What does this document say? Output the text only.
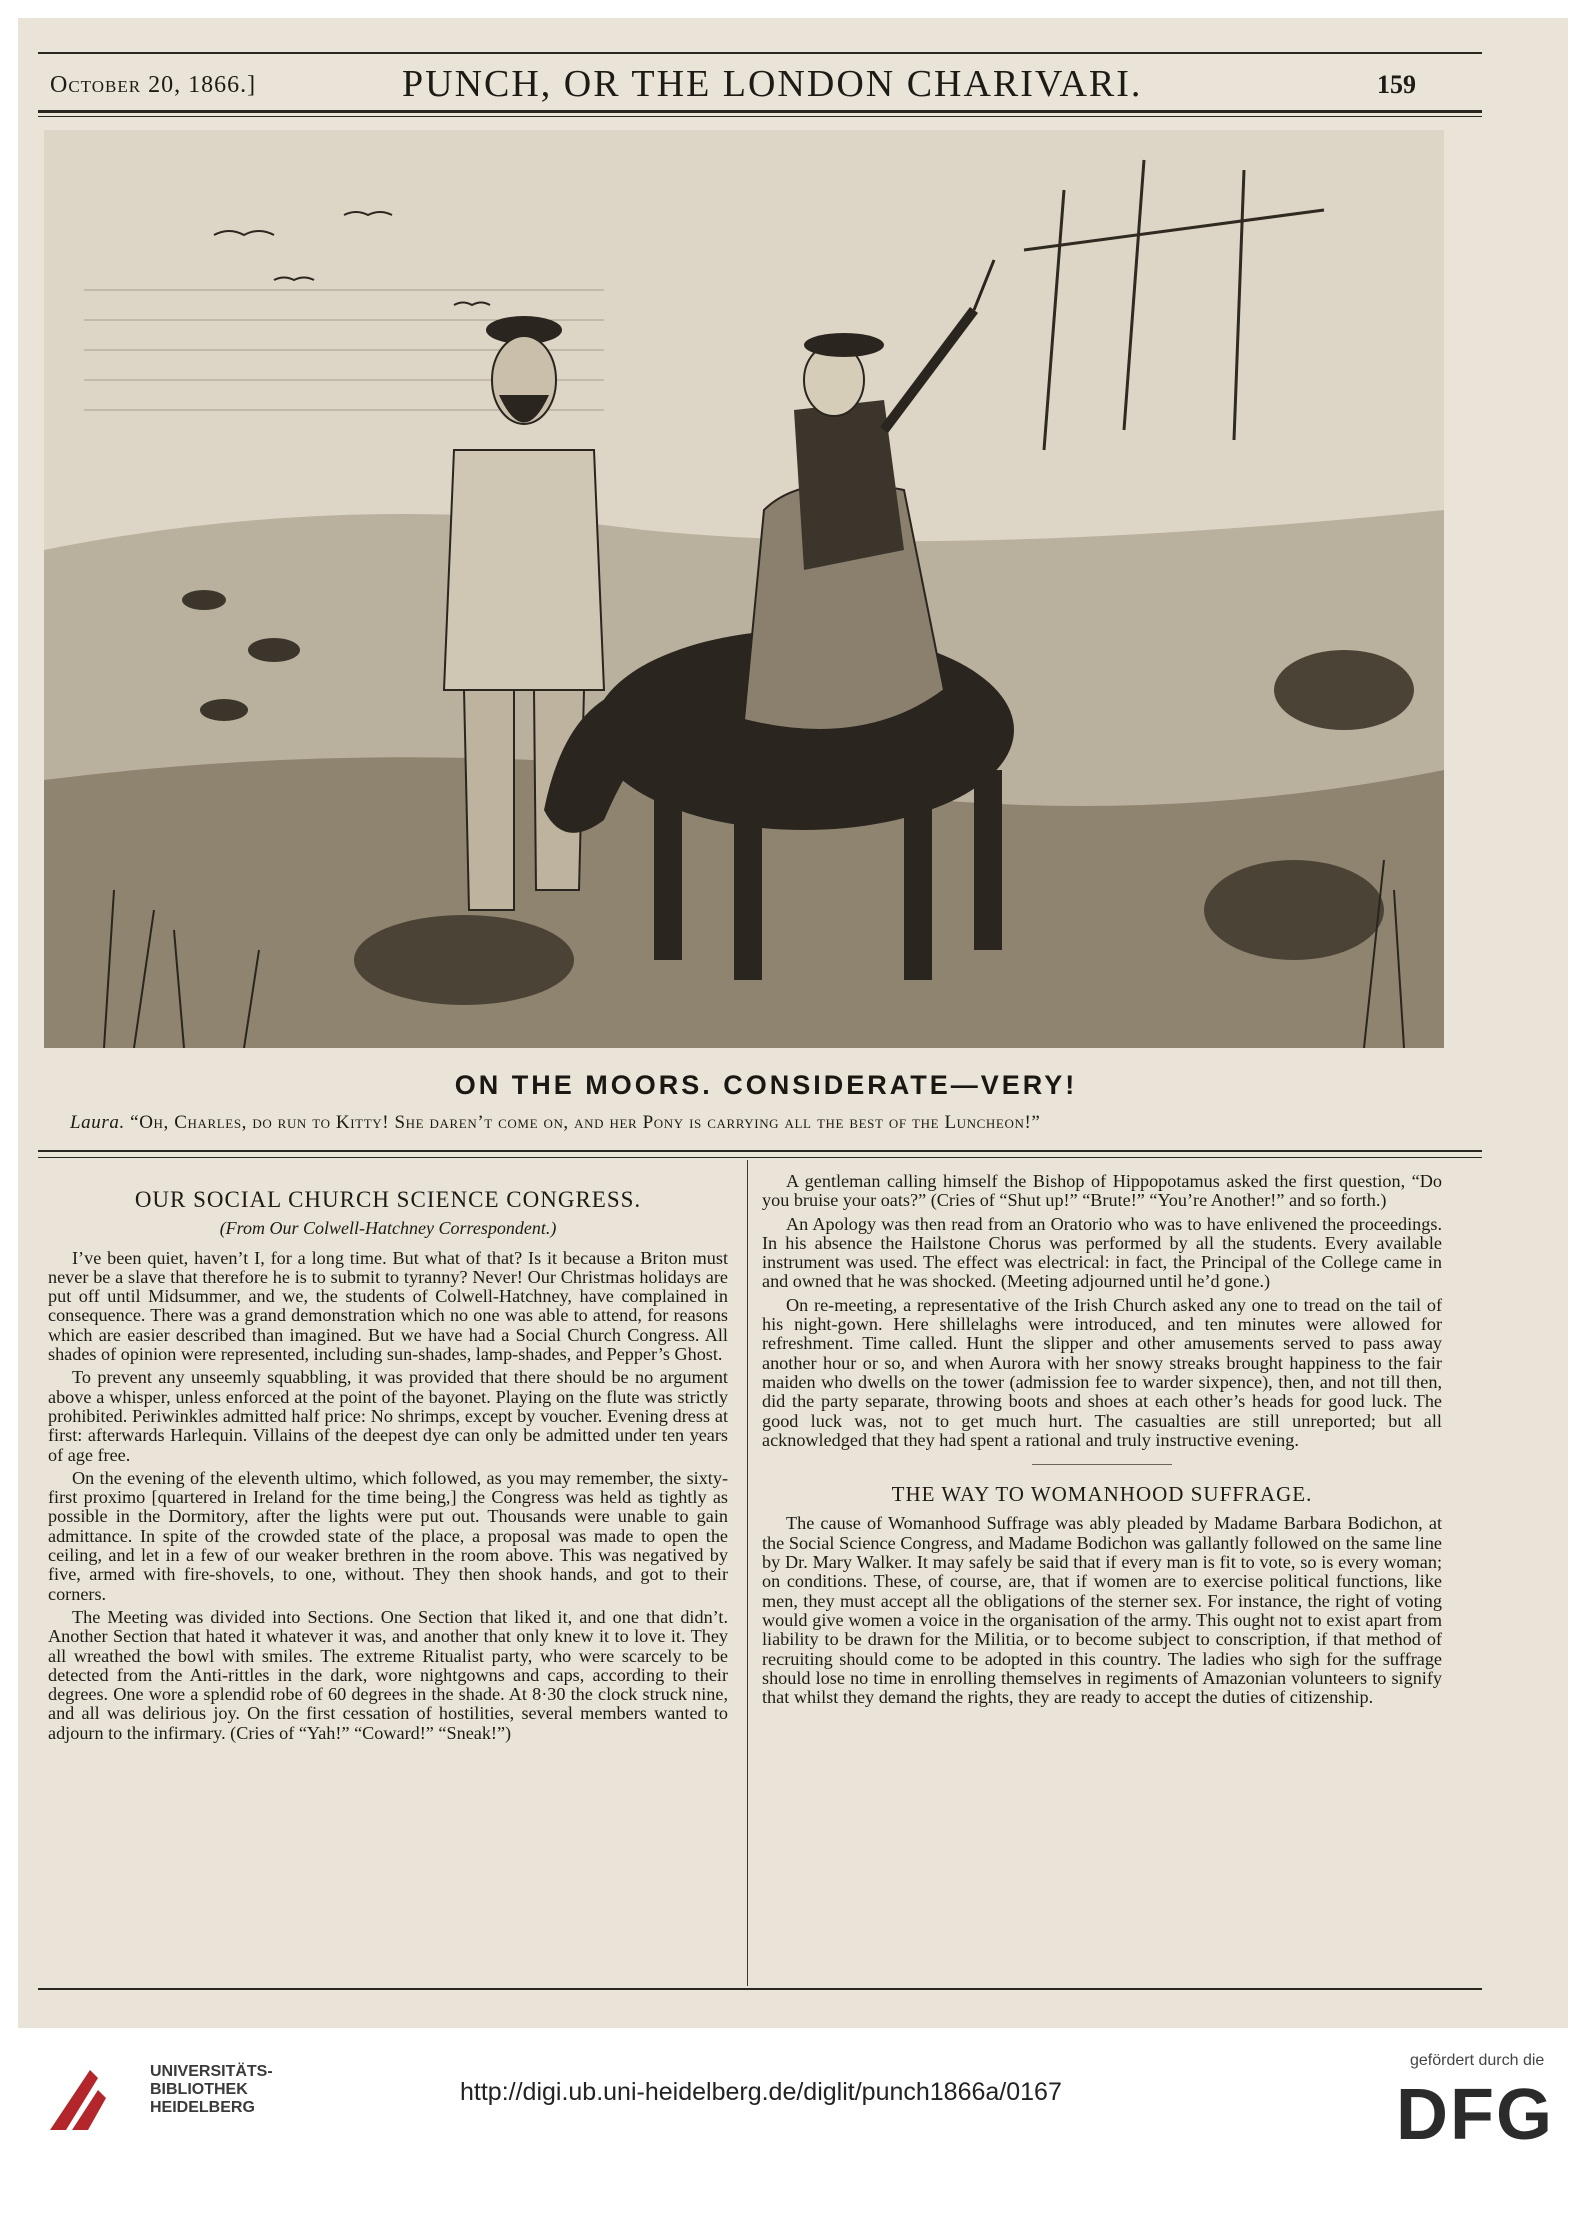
October 20, 1866.]	PUNCH, OR THE LONDON CHARIVARI.	159
ON THE MOORS. CONSIDERATE—VERY!
Laura. “Oh, Charles, do run to Kitty! She daren’t come on, and her Pony is carrying all the best of the Luncheon!”
OUR SOCIAL CHURCH SCIENCE CONGRESS.
(From Our Colwell-Hatchney Correspondent.)

I’ve been quiet, haven’t I, for a long time. But what of that? Is it because a Briton must never be a slave that therefore he is to submit to tyranny? Never! Our Christmas holidays are put off until Midsummer, and we, the students of Colwell-Hatchney, have complained in consequence. There was a grand demonstration which no one was able to attend, for reasons which are easier described than imagined. But we have had a Social Church Congress. All shades of opinion were represented, including sun-shades, lamp-shades, and Pepper’s Ghost.

To prevent any unseemly squabbling, it was provided that there should be no argument above a whisper, unless enforced at the point of the bayonet. Playing on the flute was strictly prohibited. Periwinkles admitted half price: No shrimps, except by voucher. Evening dress at first: afterwards Harlequin. Villains of the deepest dye can only be admitted under ten years of age free.

On the evening of the eleventh ultimo, which followed, as you may remember, the sixty-first proximo [quartered in Ireland for the time being,] the Congress was held as tightly as possible in the Dormitory, after the lights were put out. Thousands were unable to gain admittance. In spite of the crowded state of the place, a proposal was made to open the ceiling, and let in a few of our weaker brethren in the room above. This was negatived by five, armed with fire-shovels, to one, without. They then shook hands, and got to their corners.

The Meeting was divided into Sections. One Section that liked it, and one that didn’t. Another Section that hated it whatever it was, and another that only knew it to love it. They all wreathed the bowl with smiles. The extreme Ritualist party, who were scarcely to be detected from the Anti-rittles in the dark, wore nightgowns and caps, according to their degrees. One wore a splendid robe of 60 degrees in the shade. At 8·30 the clock struck nine, and all was delirious joy. On the first cessation of hostilities, several members wanted to adjourn to the infirmary. (Cries of “Yah!” “Coward!” “Sneak!”)

A gentleman calling himself the Bishop of Hippopotamus asked the first question, “Do you bruise your oats?” (Cries of “Shut up!” “Brute!” “You’re Another!” and so forth.)

An Apology was then read from an Oratorio who was to have enlivened the proceedings. In his absence the Hailstone Chorus was performed by all the students. Every available instrument was used. The effect was electrical: in fact, the Principal of the College came in and owned that he was shocked. (Meeting adjourned until he’d gone.)

On re-meeting, a representative of the Irish Church asked any one to tread on the tail of his night-gown. Here shillelaghs were introduced, and ten minutes were allowed for refreshment. Time called. Hunt the slipper and other amusements served to pass away another hour or so, and when Aurora with her snowy streaks brought happiness to the fair maiden who dwells on the tower (admission fee to warder sixpence), then, and not till then, did the party separate, throwing boots and shoes at each other’s heads for good luck. The good luck was, not to get much hurt. The casualties are still unreported; but all acknowledged that they had spent a rational and truly instructive evening.

THE WAY TO WOMANHOOD SUFFRAGE.

The cause of Womanhood Suffrage was ably pleaded by Madame Barbara Bodichon, at the Social Science Congress, and Madame Bodichon was gallantly followed on the same line by Dr. Mary Walker. It may safely be said that if every man is fit to vote, so is every woman; on conditions. These, of course, are, that if women are to exercise political functions, like men, they must accept all the obligations of the sterner sex. For instance, the right of voting would give women a voice in the organisation of the army. This ought not to exist apart from liability to be drawn for the Militia, or to become subject to conscription, if that method of recruiting should come to be adopted in this country. The ladies who sigh for the suffrage should lose no time in enrolling themselves in regiments of Amazonian volunteers to signify that whilst they demand the rights, they are ready to accept the duties of citizenship.

UNIVERSITÄTS-
BIBLIOTHEK
HEIDELBERG
http://digi.ub.uni-heidelberg.de/diglit/punch1866a/0167
gefördert durch die
DFG
